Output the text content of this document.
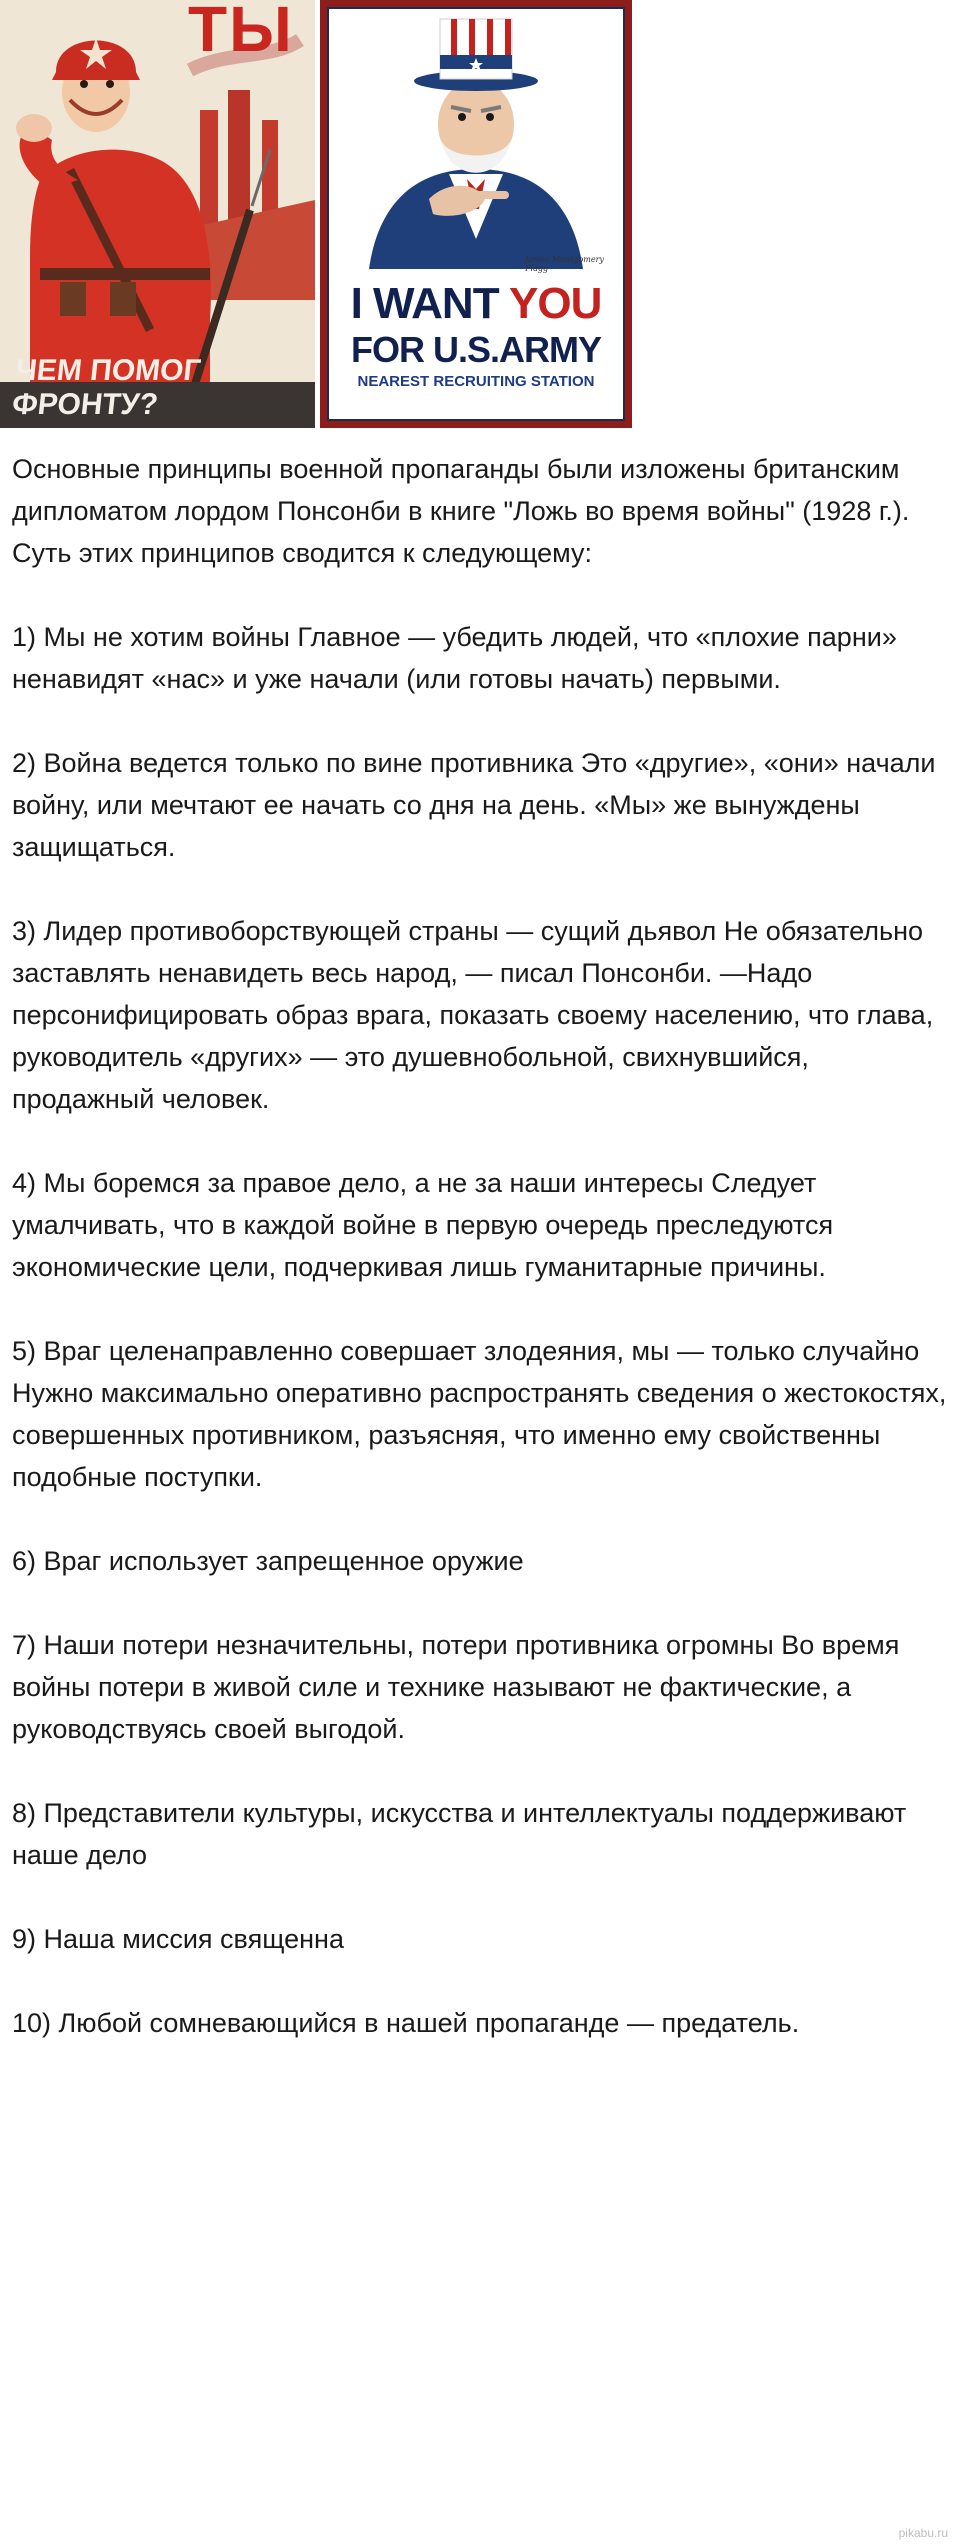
ТЫ
ЧЕМ ПОМОГ ФРОНТУ?
James Montgomery Flagg
I WANT YOU
FOR U.S.ARMY
NEAREST RECRUITING STATION

Основные принципы военной пропаганды были изложены британским дипломатом лордом Понсонби в книге "Ложь во время войны" (1928 г.). Суть этих принципов сводится к следующему:

1) Мы не хотим войны Главное — убедить людей, что «плохие парни» ненавидят «нас» и уже начали (или готовы начать) первыми.

2) Война ведется только по вине противника Это «другие», «они» начали войну, или мечтают ее начать со дня на день. «Мы» же вынуждены защищаться.

3) Лидер противоборствующей страны — сущий дьявол Не обязательно заставлять ненавидеть весь народ, — писал Понсонби. —Надо персонифицировать образ врага, показать своему населению, что глава, руководитель «других» — это душевнобольной, свихнувшийся, продажный человек.

4) Мы боремся за правое дело, а не за наши интересы Следует умалчивать, что в каждой войне в первую очередь преследуются экономические цели, подчеркивая лишь гуманитарные причины.

5) Враг целенаправленно совершает злодеяния, мы — только случайно Нужно максимально оперативно распространять сведения о жестокостях, совершенных противником, разъясняя, что именно ему свойственны подобные поступки.

6) Враг использует запрещенное оружие

7) Наши потери незначительны, потери противника огромны Во время войны потери в живой силе и технике называют не фактические, а руководствуясь своей выгодой.

8) Представители культуры, искусства и интеллектуалы поддерживают наше дело

9) Наша миссия священна

10) Любой сомневающийся в нашей пропаганде — предатель.

pikabu.ru
